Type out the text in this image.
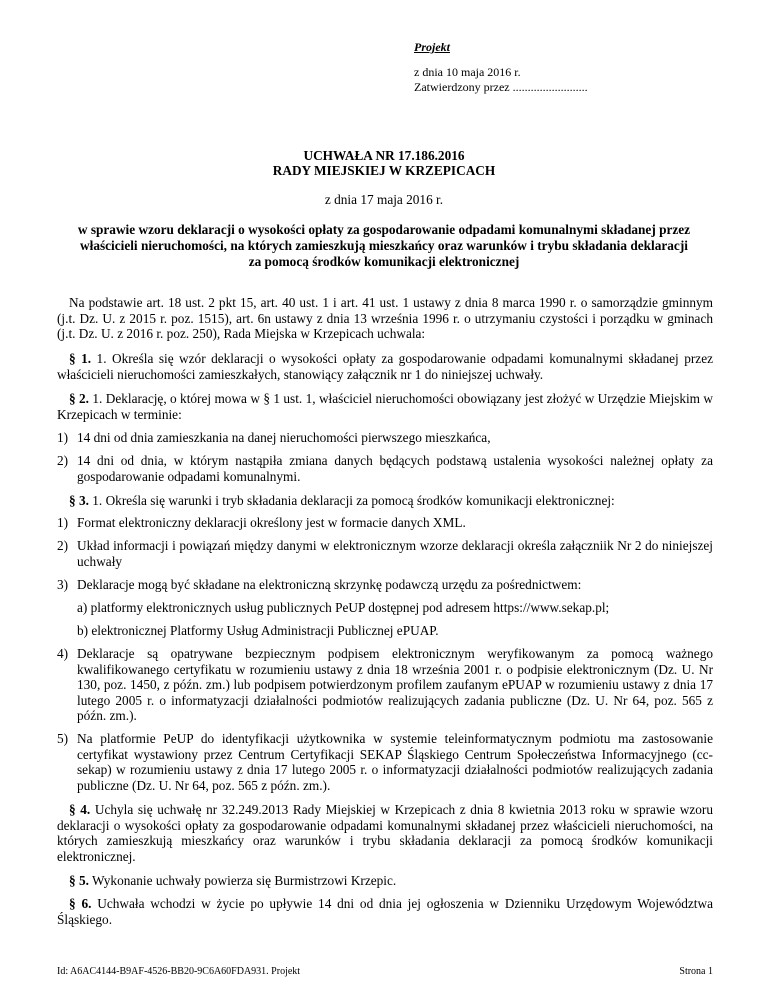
Projekt
z dnia 10 maja 2016 r.
Zatwierdzony przez .........................
UCHWAŁA NR 17.186.2016
RADY MIEJSKIEJ W KRZEPICACH
z dnia 17 maja 2016 r.
w sprawie wzoru deklaracji o wysokości opłaty za gospodarowanie odpadami komunalnymi składanej przez
właścicieli nieruchomości, na których zamieszkują mieszkańcy oraz warunków i trybu składania deklaracji
za pomocą środków komunikacji elektronicznej
Na podstawie art. 18 ust. 2 pkt 15, art. 40 ust. 1 i art. 41 ust. 1 ustawy z dnia 8 marca 1990 r. o samorządzie gminnym (j.t. Dz. U. z 2015 r. poz. 1515), art. 6n ustawy z dnia 13 września 1996 r. o utrzymaniu czystości i porządku w gminach (j.t. Dz. U. z 2016 r. poz. 250), Rada Miejska w Krzepicach uchwala:
§ 1. 1. Określa się wzór deklaracji o wysokości opłaty za gospodarowanie odpadami komunalnymi składanej przez właścicieli nieruchomości zamieszkałych, stanowiący załącznik nr 1 do niniejszej uchwały.
§ 2. 1. Deklarację, o której mowa w § 1 ust. 1, właściciel nieruchomości obowiązany jest złożyć w Urzędzie Miejskim w Krzepicach w terminie:
1) 14 dni od dnia zamieszkania na danej nieruchomości pierwszego mieszkańca,
2) 14 dni od dnia, w którym nastąpiła zmiana danych będących podstawą ustalenia wysokości należnej opłaty za gospodarowanie odpadami komunalnymi.
§ 3. 1. Określa się warunki i tryb składania deklaracji za pomocą środków komunikacji elektronicznej:
1) Format elektroniczny deklaracji określony jest w formacie danych XML.
2) Układ informacji i powiązań między danymi w elektronicznym wzorze deklaracji określa załączniik Nr 2 do niniejszej uchwały
3) Deklaracje mogą być składane na elektroniczną skrzynkę podawczą urzędu za pośrednictwem:
a) platformy elektronicznych usług publicznych PeUP dostępnej pod adresem https://www.sekap.pl;
b) elektronicznej Platformy Usług Administracji Publicznej ePUAP.
4) Deklaracje są opatrywane bezpiecznym podpisem elektronicznym weryfikowanym za pomocą ważnego kwalifikowanego certyfikatu w rozumieniu ustawy z dnia 18 września 2001 r. o podpisie elektronicznym (Dz. U. Nr 130, poz. 1450, z późn. zm.) lub podpisem potwierdzonym profilem zaufanym ePUAP w rozumieniu ustawy z dnia 17 lutego 2005 r. o informatyzacji działalności podmiotów realizujących zadania publiczne (Dz. U. Nr 64, poz. 565 z późn. zm.).
5) Na platformie PeUP do identyfikacji użytkownika w systemie teleinformatycznym podmiotu ma zastosowanie certyfikat wystawiony przez Centrum Certyfikacji SEKAP Śląskiego Centrum Społeczeństwa Informacyjnego (cc-sekap) w rozumieniu ustawy z dnia 17 lutego 2005 r. o informatyzacji działalności podmiotów realizujących zadania publiczne (Dz. U. Nr 64, poz. 565 z późn. zm.).
§ 4. Uchyla się uchwałę nr 32.249.2013 Rady Miejskiej w Krzepicach z dnia 8 kwietnia 2013 roku w sprawie wzoru deklaracji o wysokości opłaty za gospodarowanie odpadami komunalnymi składanej przez właścicieli nieruchomości, na których zamieszkują mieszkańcy oraz warunków i trybu składania deklaracji za pomocą środków komunikacji elektronicznej.
§ 5. Wykonanie uchwały powierza się Burmistrzowi Krzepic.
§ 6. Uchwała wchodzi w życie po upływie 14 dni od dnia jej ogłoszenia w Dzienniku Urzędowym Województwa Śląskiego.
Id: A6AC4144-B9AF-4526-BB20-9C6A60FDA931. Projekt	Strona 1
